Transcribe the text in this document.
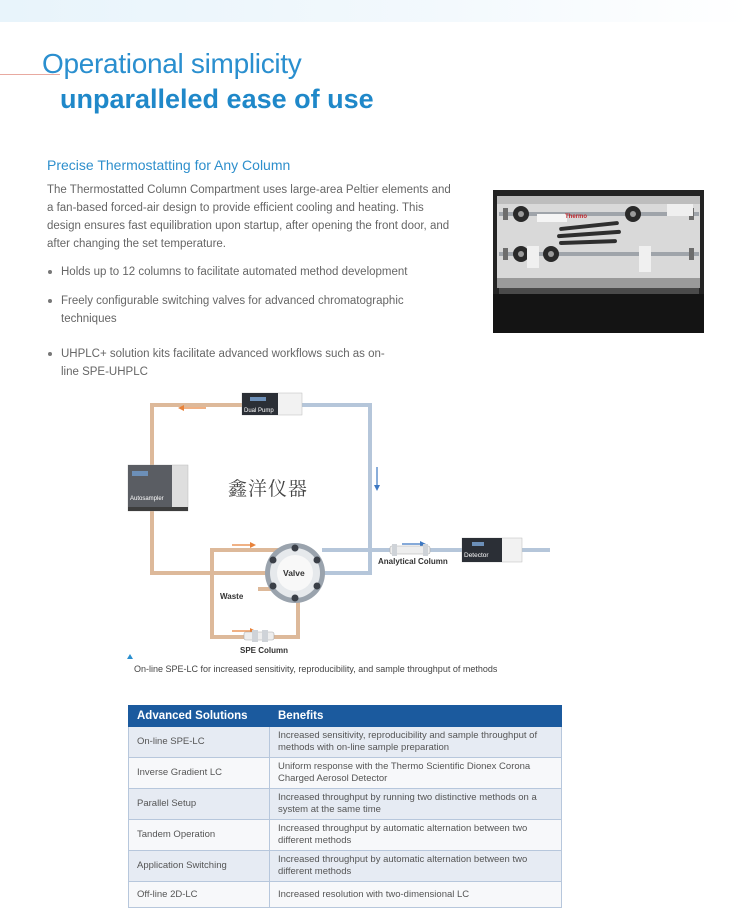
Operational simplicity
unparalleled ease of use
Precise Thermostatting for Any Column
The Thermostatted Column Compartment uses large-area Peltier elements and a fan-based forced-air design to provide efficient cooling and heating. This design ensures fast equilibration upon startup, after opening the front door, and after changing the set temperature.
Holds up to 12 columns to facilitate automated method development
Freely configurable switching valves for advanced chromatographic techniques
UHPLC+ solution kits facilitate advanced workflows such as on-line SPE-UHPLC
Thermo
Dual Pump
Autosampler
Valve
Waste
SPE Column
Analytical Column
Detector
鑫洋仪器
On-line SPE-LC for increased sensitivity, reproducibility, and sample throughput of methods
Advanced Solutions	Benefits
On-line SPE-LC	Increased sensitivity, reproducibility and sample throughput of methods with on-line sample preparation
Inverse Gradient LC	Uniform response with the Thermo Scientific Dionex Corona Charged Aerosol Detector
Parallel Setup	Increased throughput by running two distinctive methods on a system at the same time
Tandem Operation	Increased throughput by automatic alternation between two different methods
Application Switching	Increased throughput by automatic alternation between two different methods
Off-line 2D-LC	Increased resolution with two-dimensional LC
